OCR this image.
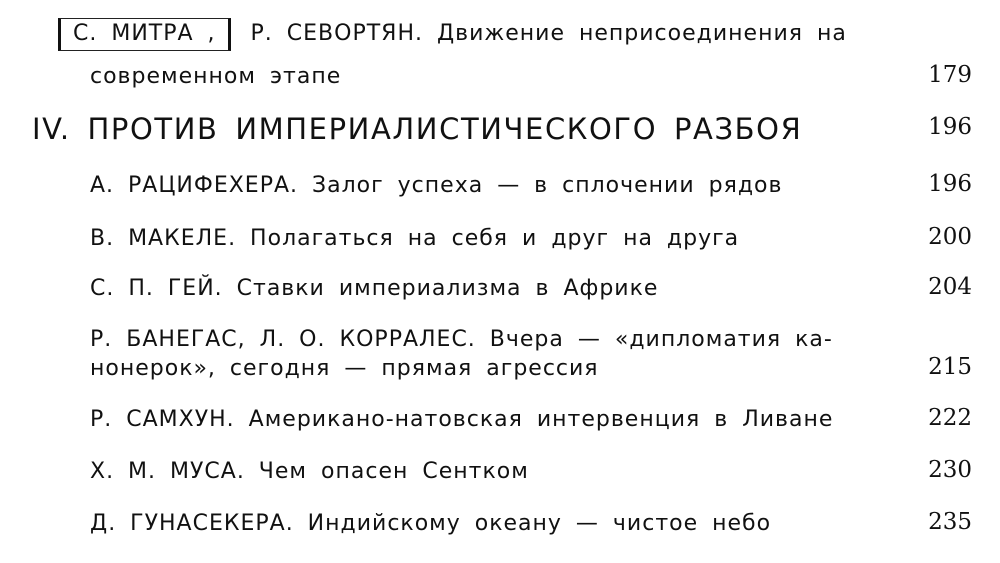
С. МИТРА , Р. СЕВОРТЯН. Движение неприсоединения на
современном этапе	179
IV. ПРОТИВ ИМПЕРИАЛИСТИЧЕСКОГО РАЗБОЯ	196
А. РАЦИФЕХЕРА. Залог успеха — в сплочении рядов	196
В. МАКЕЛЕ. Полагаться на себя и друг на друга	200
С. П. ГЕЙ. Ставки империализма в Африке	204
Р. БАНЕГАС, Л. О. КОРРАЛЕС. Вчера — «дипломатия ка-
нонерок», сегодня — прямая агрессия	215
Р. САМХУН. Американо-натовская интервенция в Ливане	222
Х. М. МУСА. Чем опасен Сентком	230
Д. ГУНАСЕКЕРА. Индийскому океану — чистое небо	235
